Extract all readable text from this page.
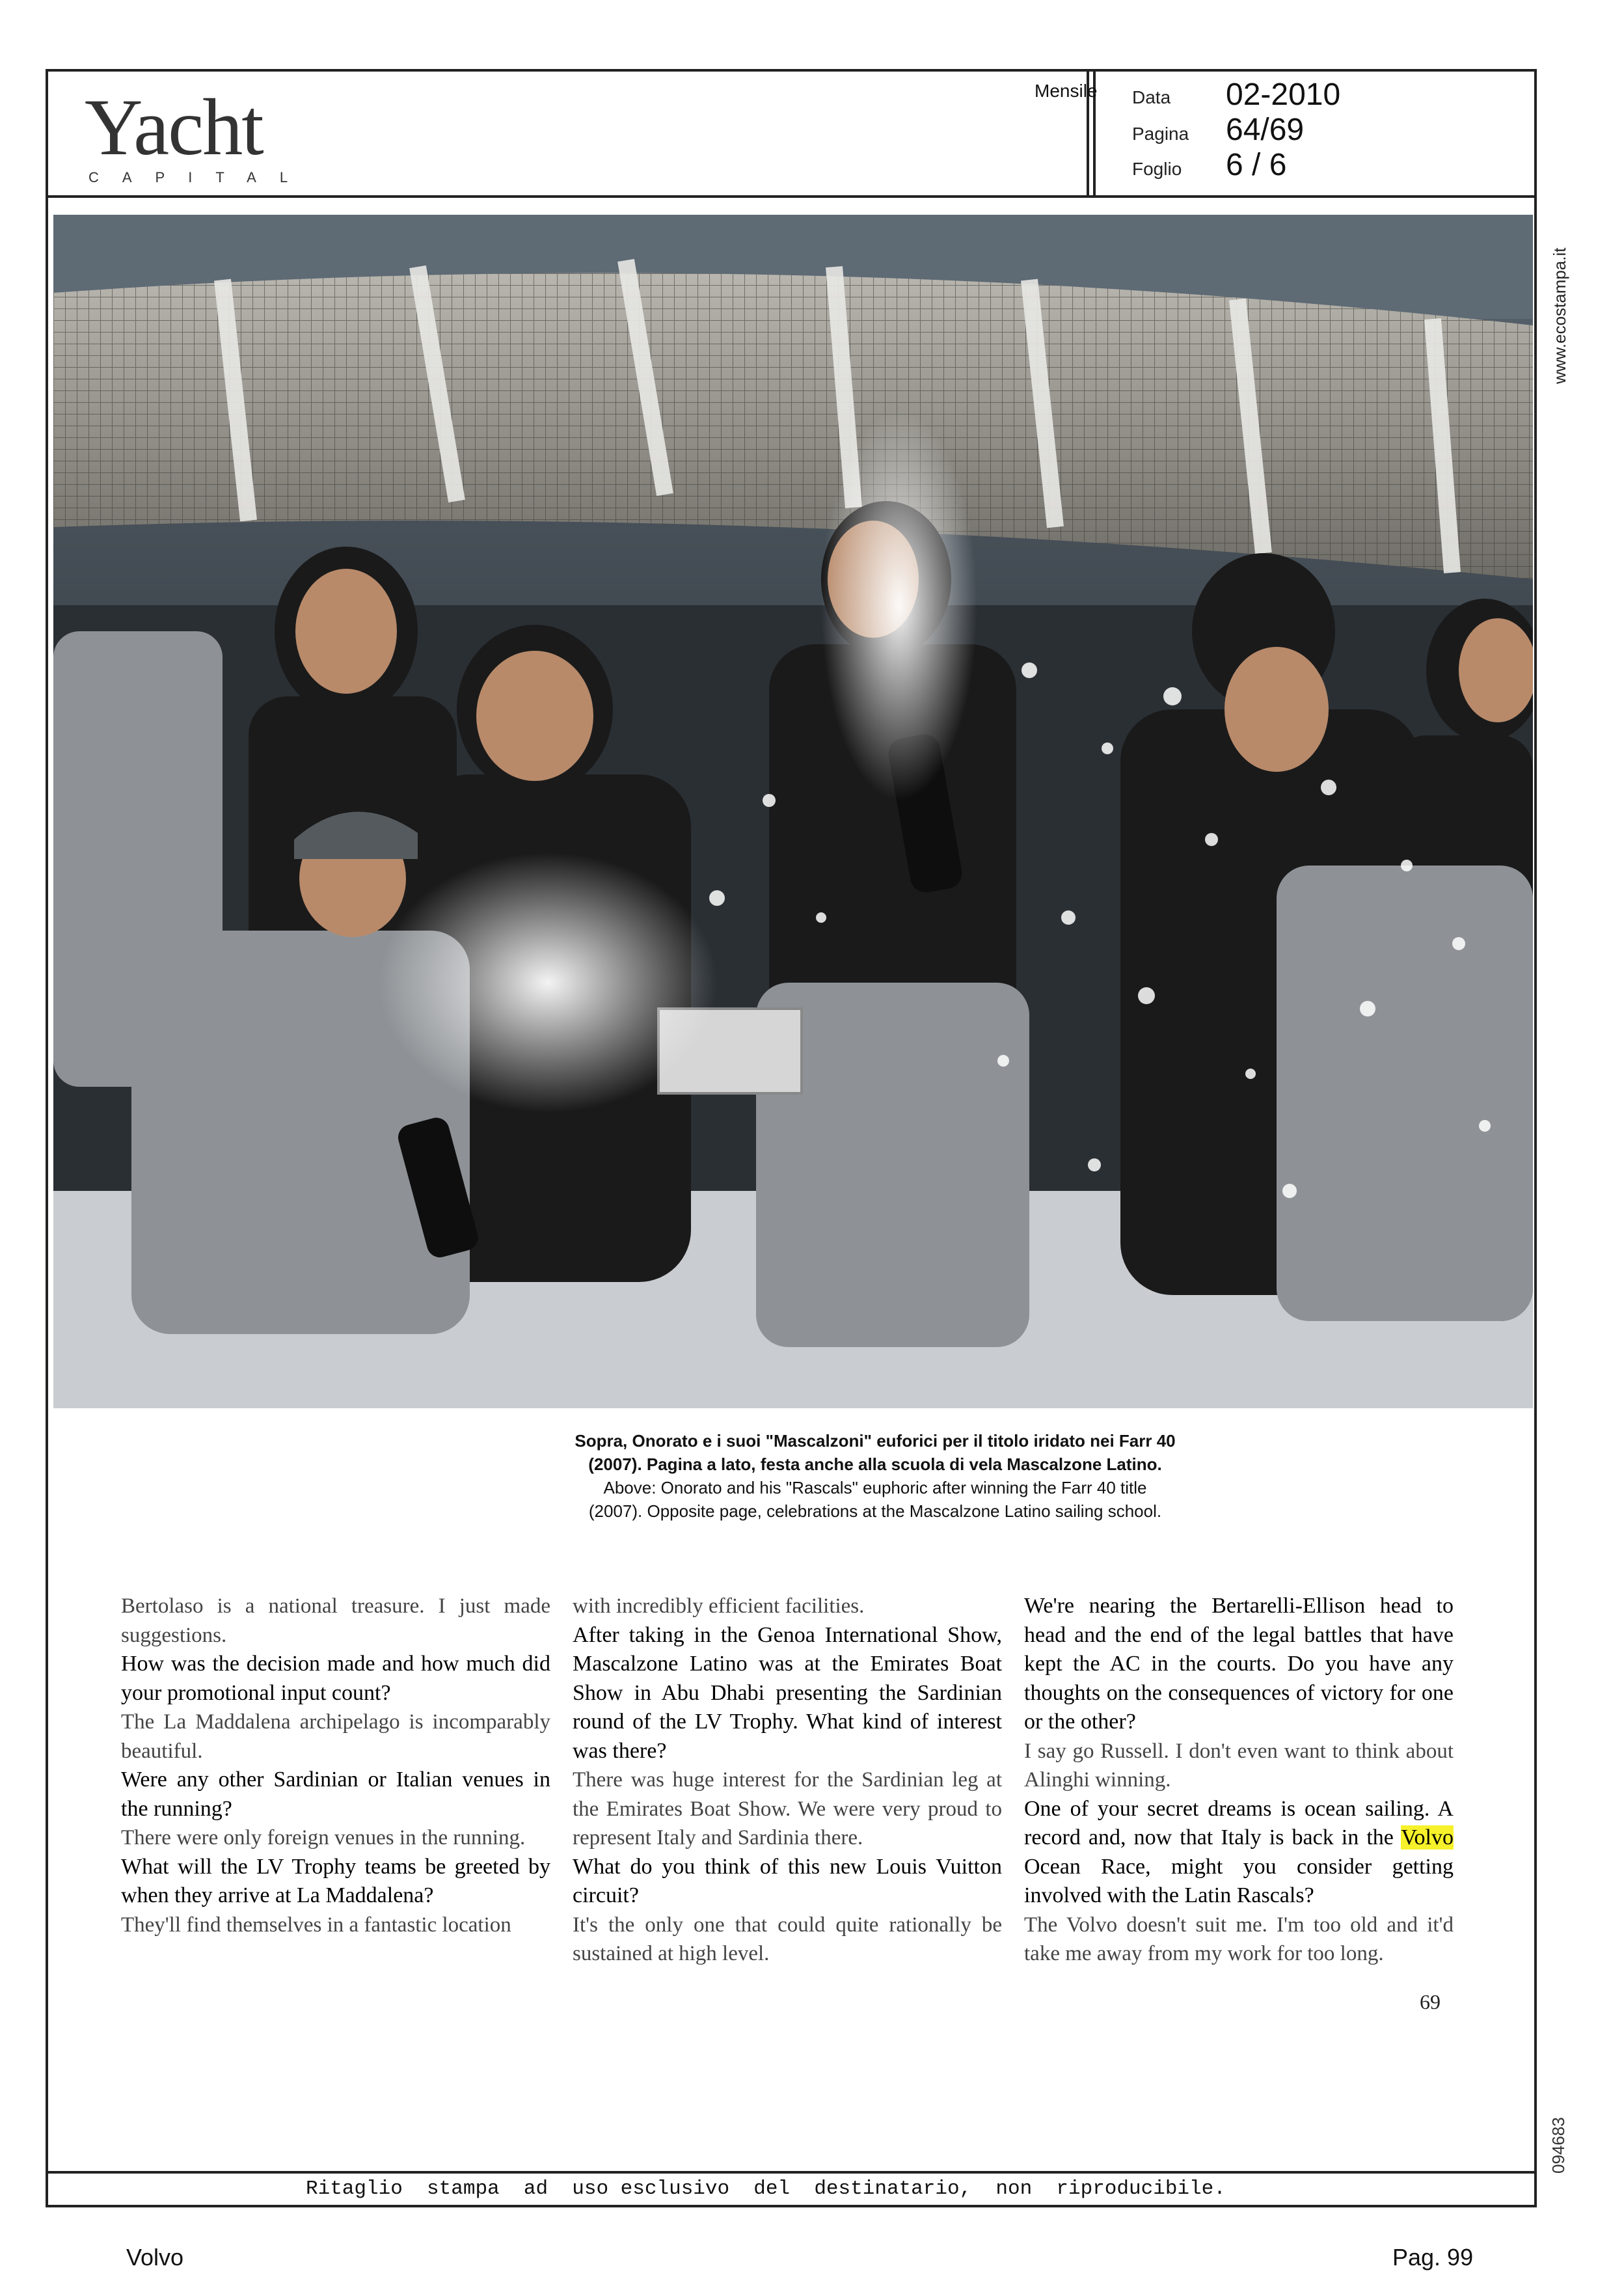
Yacht
CAPITAL
Mensile Data 02-2010
Pagina 64/69
Foglio 6 / 6
www.ecostampa.it
Sopra, Onorato e i suoi "Mascalzoni" euforici per il titolo iridato nei Farr 40
(2007). Pagina a lato, festa anche alla scuola di vela Mascalzone Latino.
Above: Onorato and his "Rascals" euphoric after winning the Farr 40 title
(2007). Opposite page, celebrations at the Mascalzone Latino sailing school.

Bertolaso is a national treasure. I just made suggestions.

How was the decision made and how much did your promotional input count?

The La Maddalena archipelago is incomparably beautiful.

Were any other Sardinian or Italian venues in the running?

There were only foreign venues in the running.

What will the LV Trophy teams be greeted by when they arrive at La Maddalena?

They'll find themselves in a fantastic location

with incredibly efficient facilities.

After taking in the Genoa International Show, Mascalzone Latino was at the Emirates Boat Show in Abu Dhabi presenting the Sardinian round of the LV Trophy. What kind of interest was there?

There was huge interest for the Sardinian leg at the Emirates Boat Show. We were very proud to represent Italy and Sardinia there.

What do you think of this new Louis Vuitton circuit?

It's the only one that could quite rationally be sustained at high level.

We're nearing the Bertarelli-Ellison head to head and the end of the legal battles that have kept the AC in the courts. Do you have any thoughts on the consequences of victory for one or the other?

I say go Russell. I don't even want to think about Alinghi winning.

One of your secret dreams is ocean sailing. A record and, now that Italy is back in the Volvo Ocean Race, might you consider getting involved with the Latin Rascals?

The Volvo doesn't suit me. I'm too old and it'd take me away from my work for too long.

69
Ritaglio  stampa  ad  uso esclusivo  del  destinatario,  non  riproducibile.
094683
Volvo	Pag. 99
